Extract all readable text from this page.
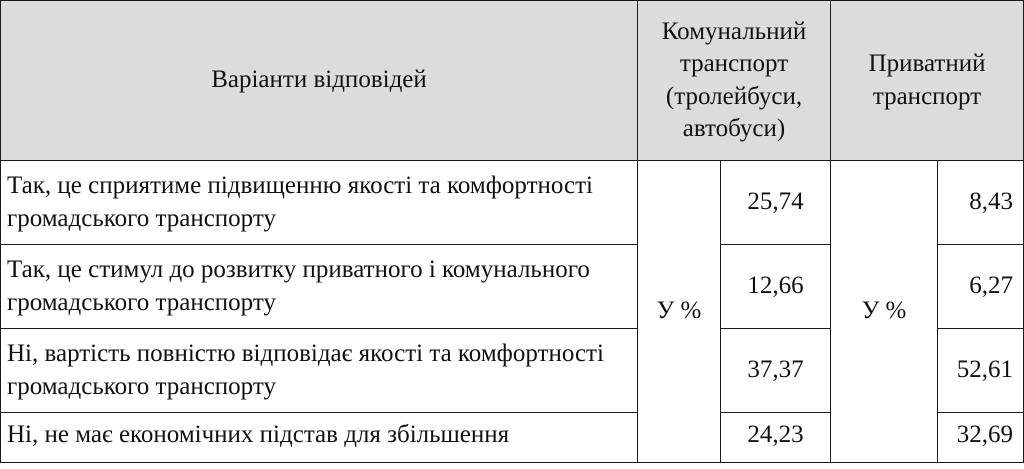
Варіанти відповідей	Комунальний транспорт (тролейбуси, автобуси)		Приватний транспорт	
Так, це сприятиме підвищенню якості та комфортності громадського транспорту	У %	25,74	У %	8,43
Так, це стимул до розвитку приватного і комунального громадського транспорту		12,66		6,27
Ні, вартість повністю відповідає якості та комфортності громадського транспорту		37,37		52,61
Ні, не має економічних підстав для збільшення		24,23		32,69
